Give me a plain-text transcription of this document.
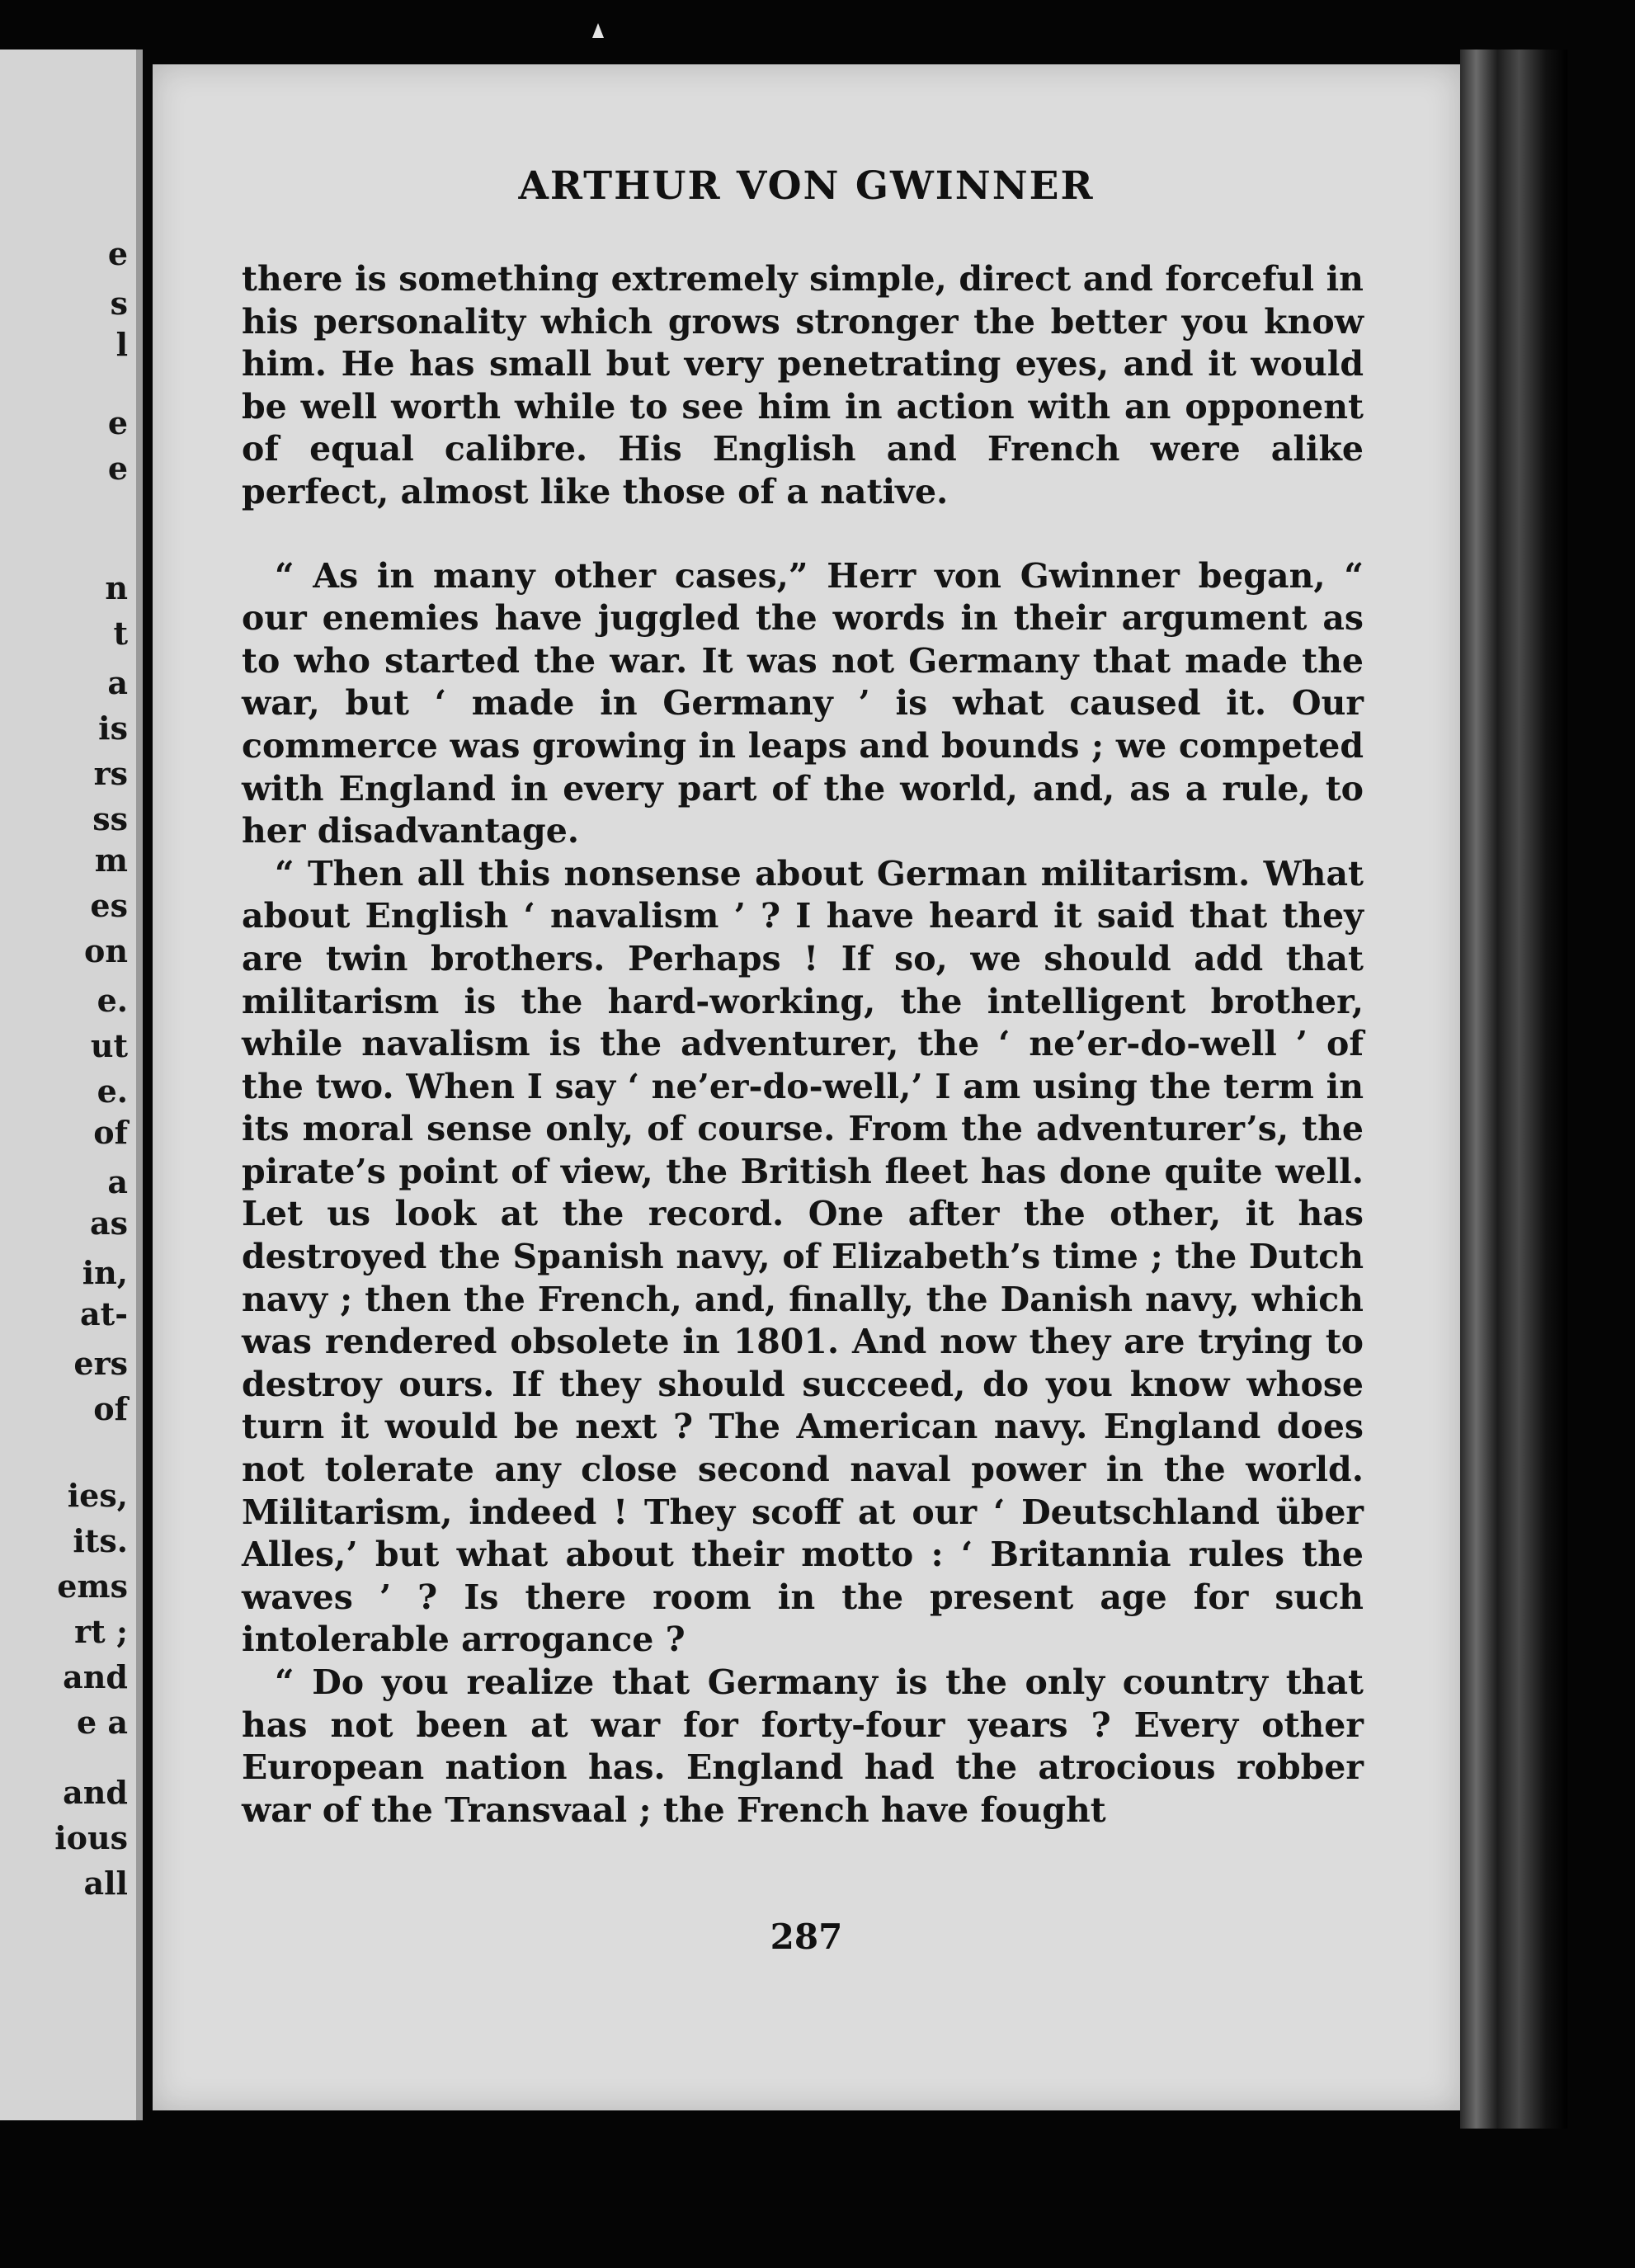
e
s
l
e
e
n
t
a
is
rs
ss
m
es
on
e.
ut
e.
of
a
as
in,
at-
ers
of
ies,
its.
ems
rt ;
and
e a
and
ious
all
ARTHUR VON GWINNER

there is something extremely simple, direct and forceful in his personality which grows stronger the better you know him. He has small but very penetrating eyes, and it would be well worth while to see him in action with an opponent of equal calibre. His English and French were alike perfect, almost like those of a native.

“ As in many other cases,” Herr von Gwinner began, “ our enemies have juggled the words in their argument as to who started the war. It was not Germany that made the war, but ‘ made in Germany ’ is what caused it. Our commerce was growing in leaps and bounds ; we competed with England in every part of the world, and, as a rule, to her disadvantage.

“ Then all this nonsense about German militarism. What about English ‘ navalism ’ ? I have heard it said that they are twin brothers. Perhaps ! If so, we should add that militarism is the hard-working, the intelligent brother, while navalism is the adventurer, the ‘ ne’er-do-well ’ of the two. When I say ‘ ne’er-do-well,’ I am using the term in its moral sense only, of course. From the adventurer’s, the pirate’s point of view, the British fleet has done quite well. Let us look at the record. One after the other, it has destroyed the Spanish navy, of Elizabeth’s time ; the Dutch navy ; then the French, and, finally, the Danish navy, which was rendered obsolete in 1801. And now they are trying to destroy ours. If they should succeed, do you know whose turn it would be next ? The American navy. England does not tolerate any close second naval power in the world. Militarism, indeed ! They scoff at our ‘ Deutschland über Alles,’ but what about their motto : ‘ Britannia rules the waves ’ ? Is there room in the present age for such intolerable arrogance ?

“ Do you realize that Germany is the only country that has not been at war for forty-four years ? Every other European nation has. England had the atrocious robber war of the Transvaal ; the French have fought

287
